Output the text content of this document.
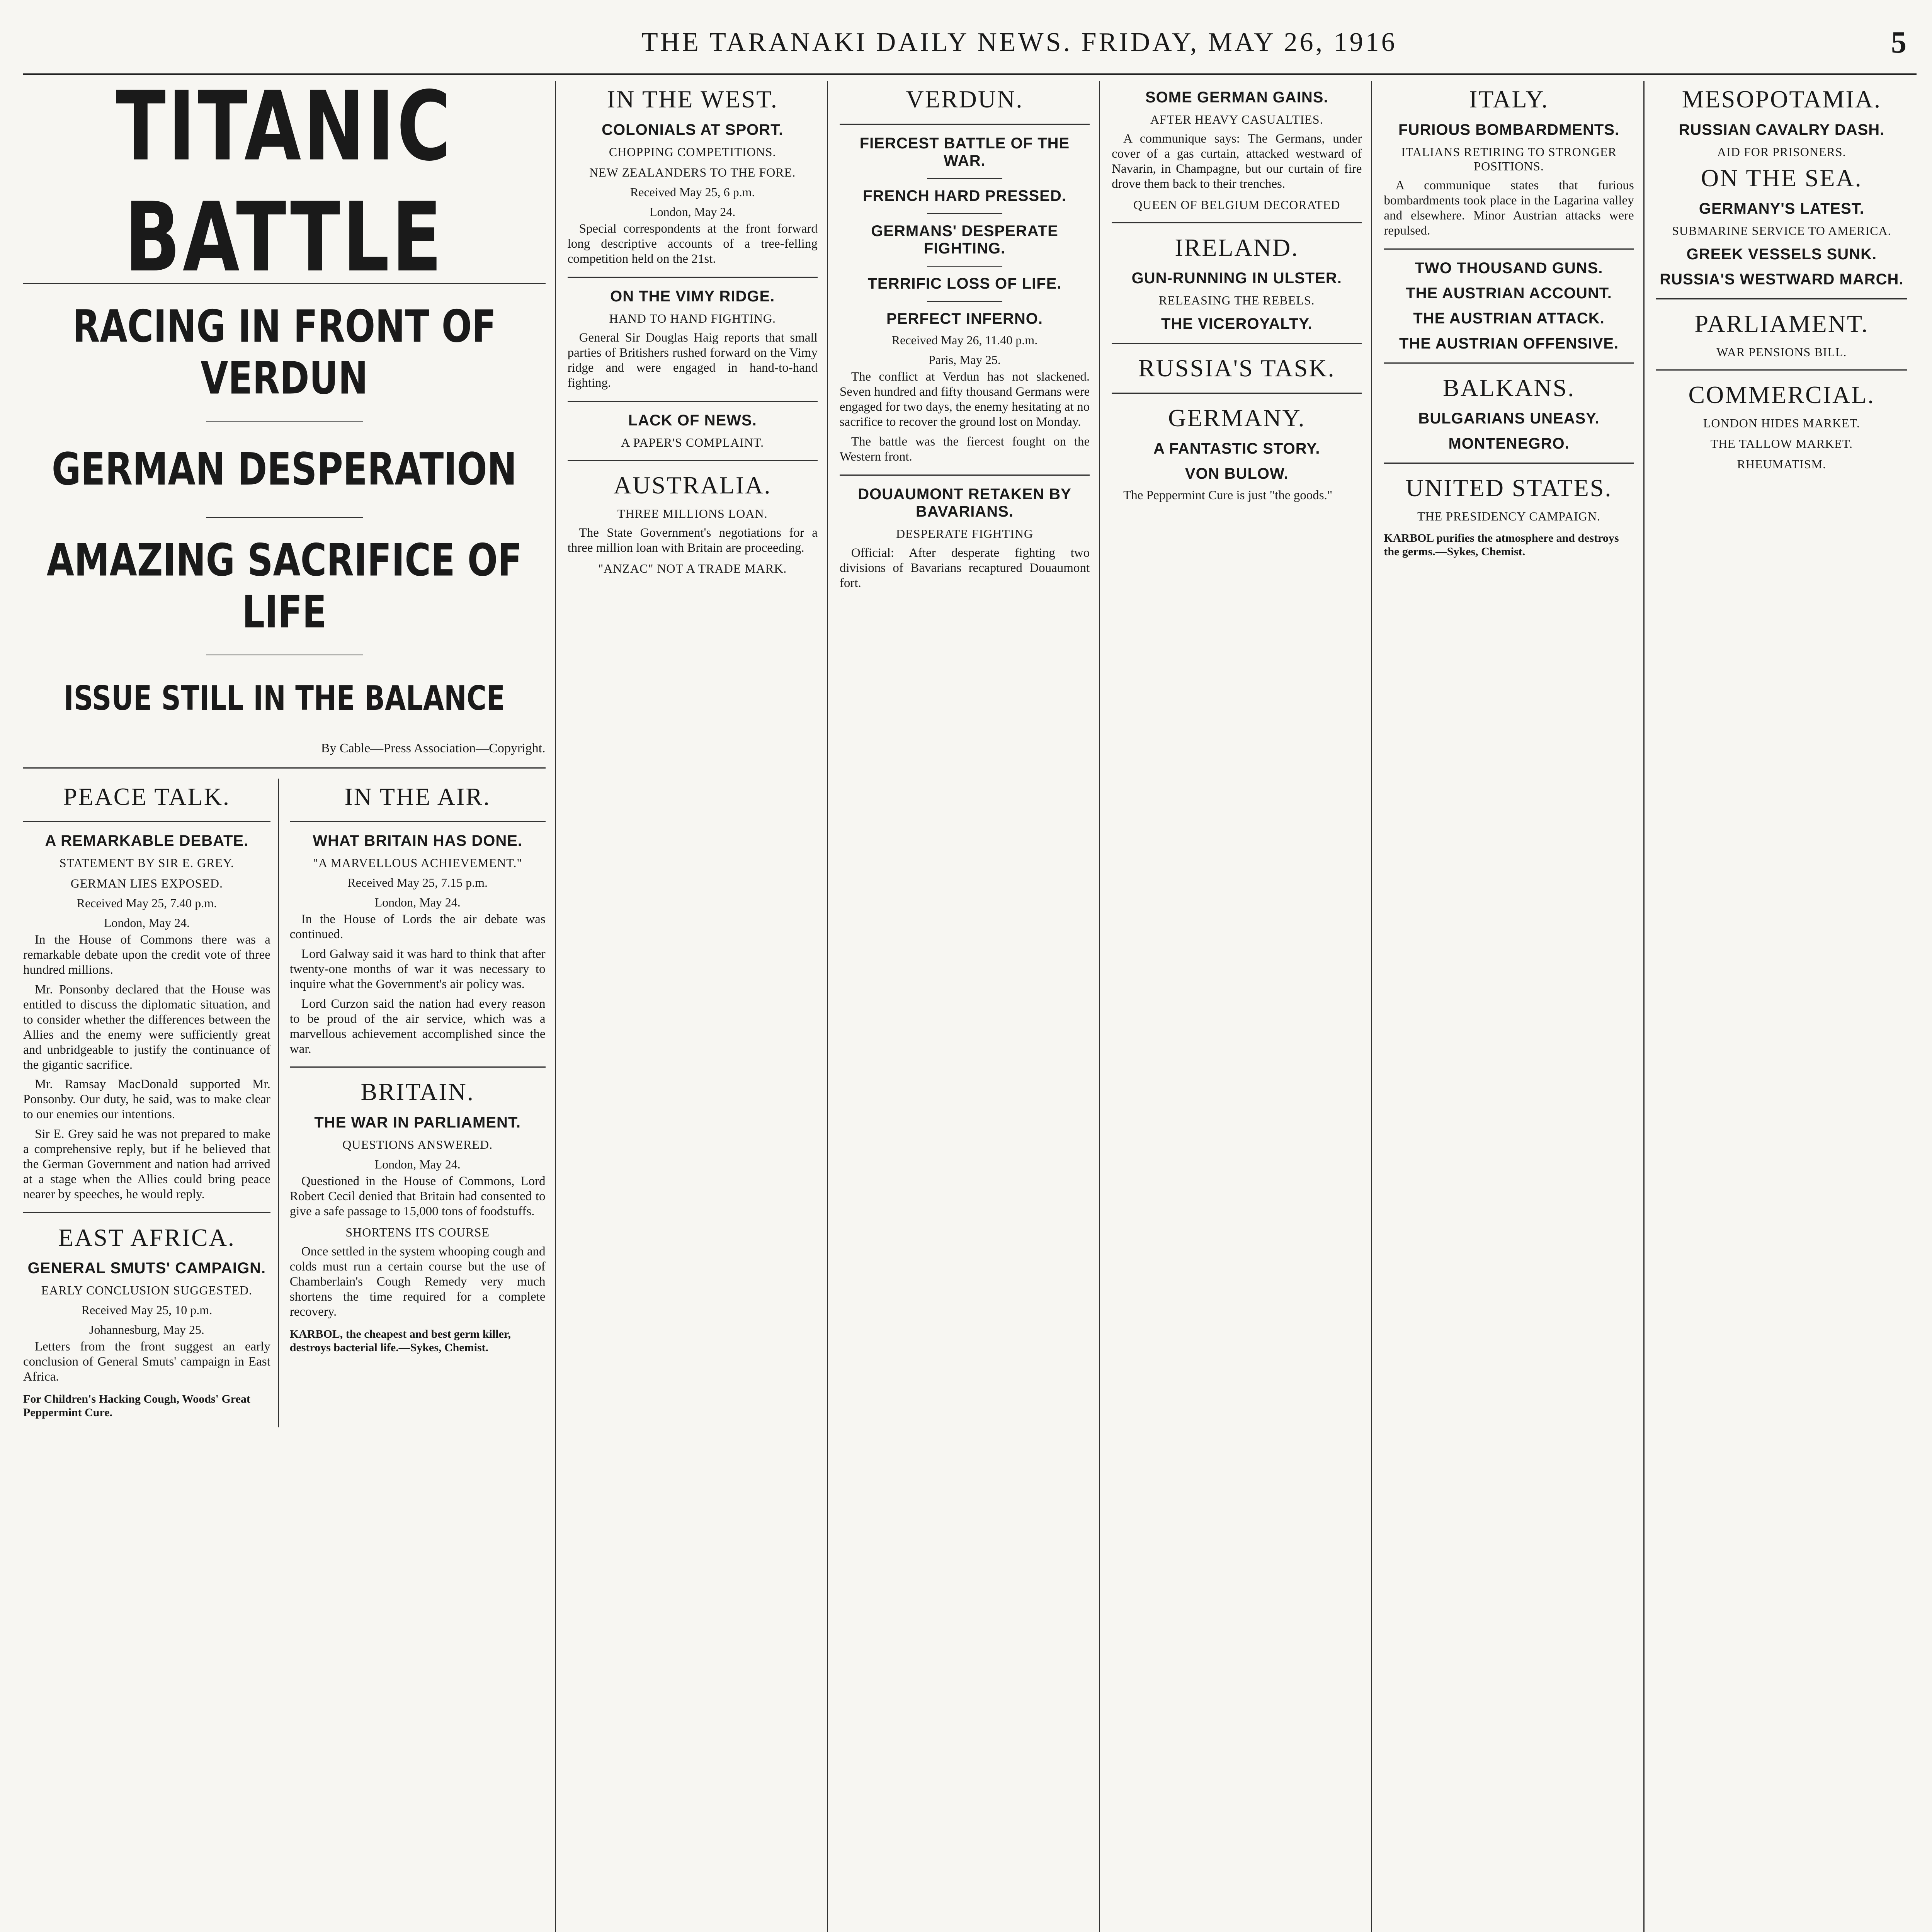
THE TARANAKI DAILY NEWS. FRIDAY, MAY 26, 1916	5
TITANIC BATTLE
RACING IN FRONT OF VERDUN
GERMAN DESPERATION
AMAZING SACRIFICE OF LIFE
ISSUE STILL IN THE BALANCE
By Cable—Press Association—Copyright.
PEACE TALK.
A REMARKABLE DEBATE.
STATEMENT BY SIR E. GREY.
GERMAN LIES EXPOSED.
Received May 25, 7.40 p.m.
London, May 24.

In the House of Commons there was a remarkable debate upon the credit vote of three hundred millions.

Mr. Ponsonby declared that the House was entitled to discuss the diplomatic situation, and to consider whether the differences between the Allies and the enemy were sufficiently great and unbridgeable to justify the continuance of the gigantic sacrifice.

Mr. Ramsay MacDonald supported Mr. Ponsonby. Our duty, he said, was to make clear to our enemies our intentions.

Sir E. Grey said he was not prepared to make a comprehensive reply, but if he believed that the German Government and nation had arrived at a stage when the Allies could bring peace nearer by speeches, he would reply.

EAST AFRICA.
GENERAL SMUTS' CAMPAIGN.
EARLY CONCLUSION SUGGESTED.
Received May 25, 10 p.m.
Johannesburg, May 25.

Letters from the front suggest an early conclusion of General Smuts' campaign in East Africa.

For Children's Hacking Cough, Woods' Great Peppermint Cure.

IN THE AIR.
WHAT BRITAIN HAS DONE.
"A MARVELLOUS ACHIEVEMENT."
Received May 25, 7.15 p.m.
London, May 24.

In the House of Lords the air debate was continued.

Lord Galway said it was hard to think that after twenty-one months of war it was necessary to inquire what the Government's air policy was.

Lord Curzon said the nation had every reason to be proud of the air service, which was a marvellous achievement accomplished since the war.

BRITAIN.
THE WAR IN PARLIAMENT.
QUESTIONS ANSWERED.
London, May 24.

Questioned in the House of Commons, Lord Robert Cecil denied that Britain had consented to give a safe passage to 15,000 tons of foodstuffs.

SHORTENS ITS COURSE

Once settled in the system whooping cough and colds must run a certain course but the use of Chamberlain's Cough Remedy very much shortens the time required for a complete recovery.

KARBOL, the cheapest and best germ killer, destroys bacterial life.—Sykes, Chemist.

IN THE WEST.
COLONIALS AT SPORT.
CHOPPING COMPETITIONS.
NEW ZEALANDERS TO THE FORE.
Received May 25, 6 p.m.
London, May 24.

Special correspondents at the front forward long descriptive accounts of a tree-felling competition held on the 21st.

ON THE VIMY RIDGE.
HAND TO HAND FIGHTING.

General Sir Douglas Haig reports that small parties of Britishers rushed forward on the Vimy ridge and were engaged in hand-to-hand fighting.

LACK OF NEWS.
A PAPER'S COMPLAINT.
AUSTRALIA.
THREE MILLIONS LOAN.

The State Government's negotiations for a three million loan with Britain are proceeding.

"ANZAC" NOT A TRADE MARK.
VERDUN.
FIERCEST BATTLE OF THE WAR.
FRENCH HARD PRESSED.
GERMANS' DESPERATE FIGHTING.
TERRIFIC LOSS OF LIFE.
PERFECT INFERNO.
Received May 26, 11.40 p.m.
Paris, May 25.

The conflict at Verdun has not slackened. Seven hundred and fifty thousand Germans were engaged for two days, the enemy hesitating at no sacrifice to recover the ground lost on Monday.

The battle was the fiercest fought on the Western front.

DOUAUMONT RETAKEN BY BAVARIANS.
DESPERATE FIGHTING

Official: After desperate fighting two divisions of Bavarians recaptured Douaumont fort.

SOME GERMAN GAINS.
AFTER HEAVY CASUALTIES.

A communique says: The Germans, under cover of a gas curtain, attacked westward of Navarin, in Champagne, but our curtain of fire drove them back to their trenches.

QUEEN OF BELGIUM DECORATED
IRELAND.
GUN-RUNNING IN ULSTER.
RELEASING THE REBELS.
THE VICEROYALTY.
RUSSIA'S TASK.
GERMANY.
A FANTASTIC STORY.
VON BULOW.

The Peppermint Cure is just "the goods."

ITALY.
FURIOUS BOMBARDMENTS.
ITALIANS RETIRING TO STRONGER POSITIONS.

A communique states that furious bombardments took place in the Lagarina valley and elsewhere. Minor Austrian attacks were repulsed.

TWO THOUSAND GUNS.
THE AUSTRIAN ACCOUNT.
THE AUSTRIAN ATTACK.
THE AUSTRIAN OFFENSIVE.
BALKANS.
BULGARIANS UNEASY.
MONTENEGRO.
UNITED STATES.
THE PRESIDENCY CAMPAIGN.

KARBOL purifies the atmosphere and destroys the germs.—Sykes, Chemist.

MESOPOTAMIA.
RUSSIAN CAVALRY DASH.
AID FOR PRISONERS.
ON THE SEA.
GERMANY'S LATEST.
SUBMARINE SERVICE TO AMERICA.
GREEK VESSELS SUNK.
RUSSIA'S WESTWARD MARCH.
PARLIAMENT.
WAR PENSIONS BILL.
COMMERCIAL.
LONDON HIDES MARKET.
THE TALLOW MARKET.
RHEUMATISM.
